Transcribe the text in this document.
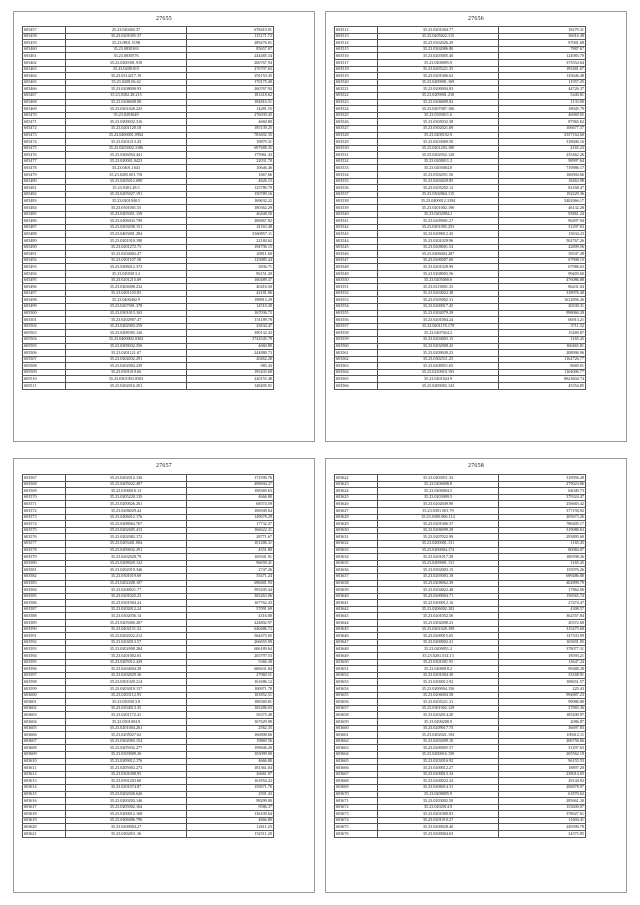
27655
605457	25.23.020402.37	678410.01
605458	35.23.0201005.37	115171.72
605459	35.23.0801.5198	289276.01
605460	35.23.0830163	85657.07
605461	35.23.0830576	244485.34
605462	35.23.0200301.918	260767.94
605463	35.23.0208.015	276797.63
605464	35.23.0314217.19	291153.35
605465	35.23.0208.06.42	170175.40
605466	35.23.0208000.93	260767.94
605467	35.23.0302.28.215	181418.62
605468	35.23.0206608.08	184816.51
605469	35.23.0201028.225	14281.55
605470	35.23.0203649	276039.45
605471	35.23.0209032.316	4660.80
605472	35.23.0201120.18	185139.25
605473	35.23.0400001.0962	783692.35
605474	35.23.0201213.43	19879.31
605475	35.23.0203002.3186	697688.35
605476	35.23.0206054.441	175961.43
605477	35.23.020001.0423	22031.70
605478	35.23.0401.1641	10646.46
605479	35.23.0205.001.701	1667.66
605480	35.23.0205012.690	4626.15
605481	35.23.0301.28.5	125786.79
605482	35.23.0205027.191	150789.16
605483	35.23.0201040.5	169632.22
605484	35.23.0301001.55	180362.29
605485	35.23.0205051.158	46448.50
605486	35.23.0206033.799	286867.82
605487	35.23.0203038.151	41163.48
605488	35.23.0403001.284	3360857.11
605489	35.23.0201010.190	22184.62
605490	35.23.0201272.73	194796.15
605491	35.23.0204002.47	20811.60
605492	35.23.0201107.58	125885.44
605493	35.23.0206012.373	3836.71
605494	35.23.0205013.2	96151.20
605495	35.23.0201215.69	160489.37
605496	35.23.0204008.232	40416.50
605497	35.23.0201103.83	42181.06
605498	35.23.0400402.9	198813.29
605499	35.23.0207001.378	14519.28
605500	35.23.0301013.163	167036.72
605501	35.23.0202907.47	151189.78
605502	35.23.0202003.259	25634.47
605503	35.23.0208305.126	390132.43
605504	35.23.0400002.0302	3742545.78
605505	35.23.0209032.356	4660.80
605506	35.23.0201121.67	244880.73
605507	35.23.0204032.291	20462.28
605508	35.23.0202004.239	985.43
605509	35.23.0301019.66	195435.68
605510	35.23.0301003.0503	220155.48
605511	35.23.0202016.201	148495.01
27656
603512	35.23.0201004.77	18279.31
603513	35.23.0205022.115	36016.38
603514	35.23.0302026.29	97001.68
603515	35.23.0302086.80	7887.67
603516	35.23.0203005.40	124983.70
603517	35.23.0208095.9	375554.64
603518	35.23.0205221.35	195481.67
603519	35.23.0201006.62	135646.48
603520	35.23.0209001.169	11957.45
603521	35.23.0200004.83	44726.37
603522	35.23.0209001.210	5440.81
603523	35.23.0206009.82	1133.90
603524	35.23.0207007.106	18045.79
603525	35.23.0303011.6	46969.05
603526	35.23.0305032.38	87965.62
603527	35.23.0302021.69	106677.37
603528	35.23.0200102.9	3357164.60
603529	35.23.0203069.50	318606.16
603530	35.23.0201203.180	4165.23
603531	35.23.0202052.120	235462.26
603532	35.23.0200011.2	98997.64
603533	35.23.0203004.8	719886.17
603534	35.23.0302051.56	166904.66
603535	35.23.0204029.85	18463.98
603536	35.23.0205202.12	82168.47
603537	35.23.0302064.115	192229.36
603538	35.23.0400012.3394	5402966.17
603539	35.23.0201002.190	46132.28
603540	35.23.0202094.2	95861.24
603541	35.23.0209001.27	96497.94
603542	35.23.0201005.253	31297.63
603543	35.23.0209012.43	15634.23
603544	35.23.0201029.96	502767.26
603545	35.23.0208001.54	42809.56
603546	35.23.0206004.287	39547.28
603547	35.23.0200007.60	67908.15
603548	35.23.0201028.99	67986.63
603549	35.23.0208003.56	99403.60
603550	35.23.0205000.6	476086.88
603551	35.23.0210001.33	86431.04
603552	35.23.0204022.38	318976.40
603553	35.23.0305002.31	1612856.26
603554	35.23.0200017.45	26539.31
603555	35.23.0302079.29	998060.29
603556	35.23.0201004.24	66913.21
603557	35.23.0201155.179	3711.32
603558	35.23.0207024.2	15269.87
603559	35.23.0204003.15	1165.45
603560	35.23.0202008.43	160465.81
603561	35.23.0209049.23	208906.96
603562	35.23.0302311.25	1162726.77
603563	35.23.0209051.65	8669.01
603564	35.23.0210010.193	1164006.77
603565	35.23.0201024.9	8823604.74
603566	35.23.0209002.143	45354.85
27657
603567	35.23.0202012.136	172590.76
603568	35.23.0205022.407	498694.27
603569	35.23.0300016.13	108369.63
603570	35.23.0205220.135	4666.80
603571	35.23.0200026.261	68574.59
603572	35.23.0206029.42	106949.64
603573	35.23.0206012.176	149678.29
603574	35.23.0208064.767	17732.27
603575	35.23.0202605.413	166622.31
603576	35.23.0202082.172	28771.67
603577	35.23.0203401.084	101286.31
603578	35.23.0209032.291	4551.80
603579	35.23.0202028.79	165941.91
603580	35.23.0208029.122	96659.41
603581	35.23.0202019.346	2747.26
603582	35.23.0301019.69	55471.24
603583	35.23.0202208.107	698481.93
603584	35.23.0200021.77	595205.44
603585	35.23.0201025.23	365263.06
603586	35.23.0301004.24	167762.43
603587	35.23.0202012.24	57091.69
603588	35.23.0302036.14	4316.80
603589	35.23.0205000.287	224802.97
603590	35.23.0402151.52	640486.72
603591	35.23.0202022.212	564475.65
603592	35.23.0202013.57	266655.09
603593	35.23.0202008.284	606189.64
603594	35.23.0201002.63	265797.53
603595	35.23.0205012.429	5366.30
603596	35.23.0204004.28	606631.84
603597	35.23.0202029.36	27960.51
603598	35.23.0301029.214	161686.12
603599	35.23.0203019.157	100971.78
603600	35.23.0203112.93	101852.51
603601	35.23.0305013.8	188369.81
603602	35.23.0204013.35	165286.63
603603	35.23.0201172.41	56375.49
603604	35.23.0301004.9	167629.09
603605	35.23.0201004.261	2562.35
603606	35.23.0205027.62	166808.66
603607	35.23.0302003.154	19869.56
603608	35.23.0205032.277	199846.20
603609	35.23.0303009.26	103099.00
603610	35.23.0209012.176	4666.80
603611	35.23.0205002.273	181361.04
603612	35.23.0301008.95	26661.97
603613	35.23.0301203.60	161854.22
603614	35.23.0201074.87	159671.76
603615	35.23.0202026.626	2591.43
603616	35.23.0200293.146	98299.00
603617	35.23.0205002.164	9586.37
603618	35.23.0200012.168	136100.64
603619	35.23.0206006.796	4666.80
603620	35.23.0200004.27	12611.25
603621	35.23.0202011.36	152511.20
27658
603622	35.23.0203011.33	319956.28
603623	35.23.0206008.8	279023.86
603624	35.23.0200004.5	64049.73
603625	35.23.0203009.5	379324.47
603626	35.23.0202049.90	256665.42
603627	35.23.0301.001.79	377194.92
603628	35.23.0300.006.114	205673.26
603629	35.23.0201006.37	788405.17
603630	35.23.0206009.29	319086.63
603631	35.23.0207022.99	293895.60
603632	35.23.0200001.131	1165.45
603633	35.23.0200004.174	80084.07
603634	35.23.0201017.28	180598.26
603635	35.23.0209001.131	1165.45
603636	35.23.0302003.15	135976.26
603637	35.23.0205003.18	699486.80
603638	35.23.0208062.39	402899.79
603639	35.23.0204022.48	17862.06
603640	35.23.0200004.71	156565.74
603641	35.23.0200012.16	27474.47
603642	35.23.0206002.102	4308.57
603643	35.23.0201052.56	362557.84
603644	35.23.0202008.23	20372.68
603645	35.23.0201029.109	315475.60
603646	35.23.0200015.65	147333.99
603647	35.23.0200002.41	165691.05
603648	35.23.0200051.2	378077.31
603649	35.23.0201.014.13	18593.21
603650	35.23.0301001.95	13647.24
603651	35.23.0208018.2	99488.28
603652	35.23.0201004.30	33168.91
603653	35.23.0200012.92	108651.57
603654	35.23.0209004.156	225.43
603655	35.23.0206004.58	994887.23
603656	35.23.0205221.31	99086.80
603657	35.23.0301002.129	37883.36
603658	35.23.0202014.20	185200.97
603659	35.23.0200208.9	2086.87
603660	35.23.0209017.75	36697.83
603661	35.23.0202021.194	109412.11
603662	35.23.0202009.10	206756.66
603663	35.23.0200005.57	31297.63
603664	35.23.0200016.150	205562.19
603665	35.23.0202016.92	96155.53
603666	35.23.0200012.27	18897.20
603667	35.23.0200013.34	238014.05
603668	35.23.0200022.34	29144.92
603669	35.23.0206014.31	206878.97
603670	35.23.0208005.9	61870.62
603671	35.23.0203002.50	285661.20
603672	35.23.0202014.9	153600.07
603673	35.23.0201000.83	378027.61
603674	35.23.0201010.27	11604.41
603675	35.23.0200028.40	249390.78
603676	35.23.0200004.63	34375.85
